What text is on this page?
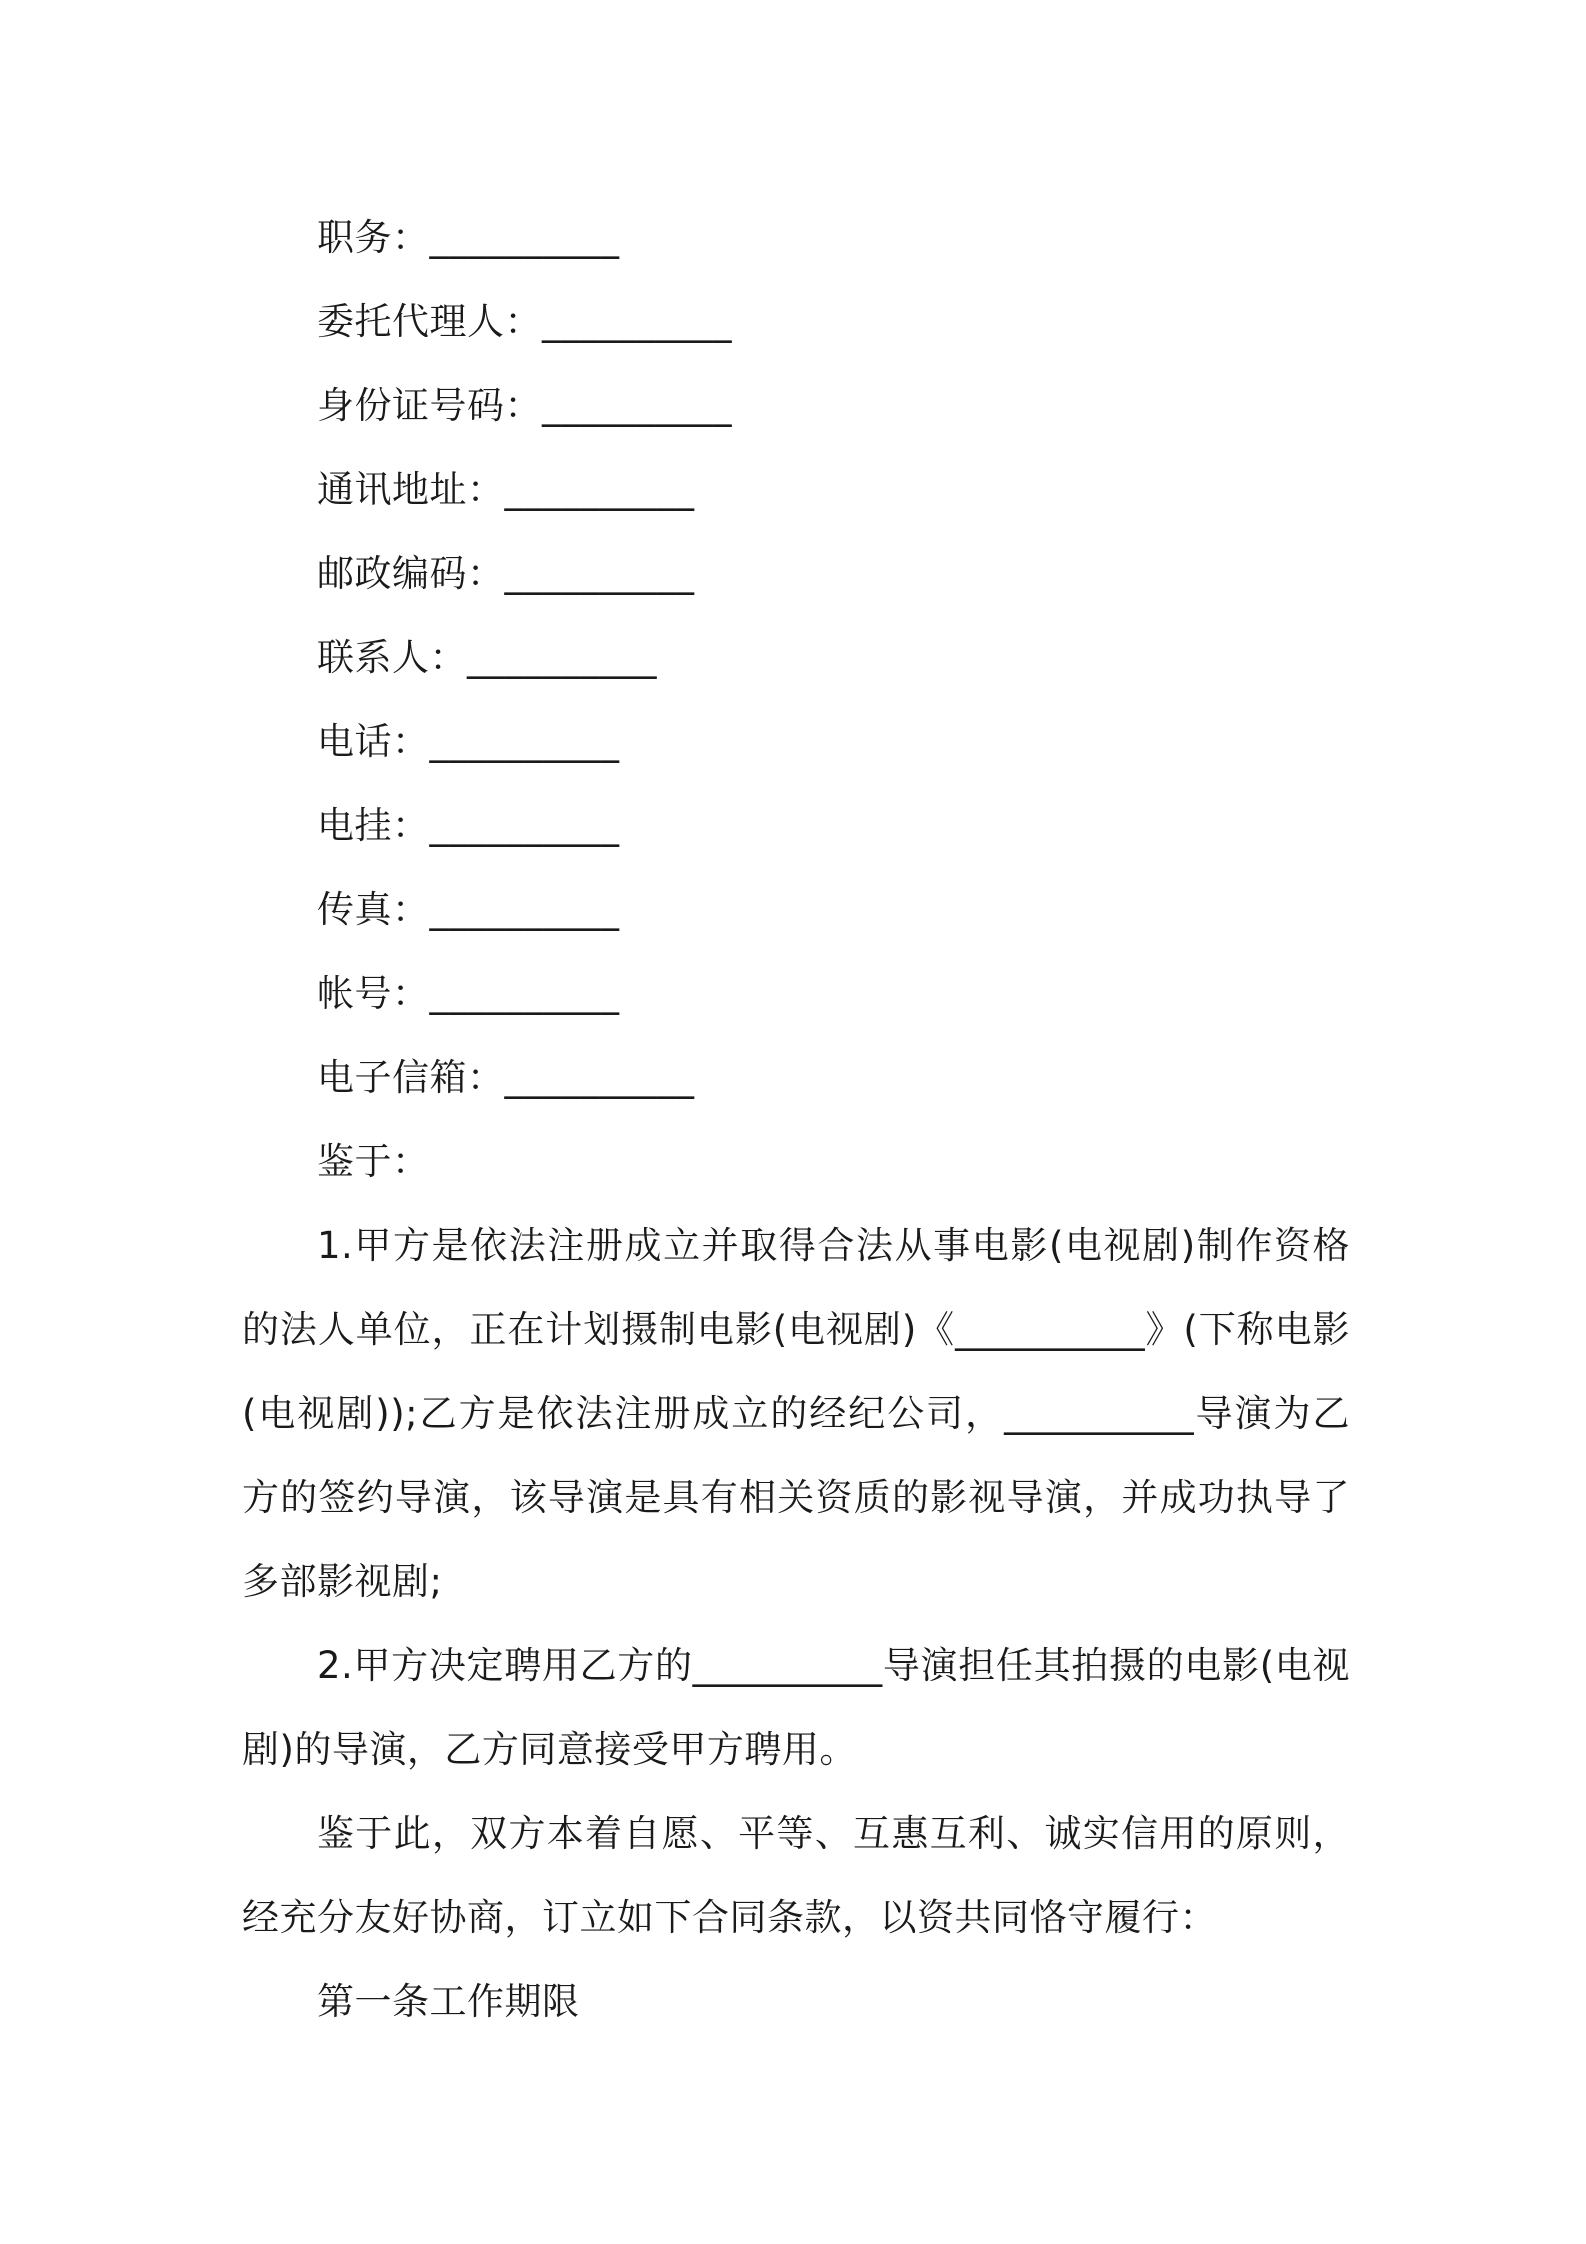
职务：__________

委托代理人：__________

身份证号码：__________

通讯地址：__________

邮政编码：__________

联系人：__________

电话：__________

电挂：__________

传真：__________

帐号：__________

电子信箱：__________

鉴于：

1.甲方是依法注册成立并取得合法从事电影(电视剧)制作资格的法人单位，正在计划摄制电影(电视剧)《__________》(下称电影(电视剧));乙方是依法注册成立的经纪公司，__________导演为乙方的签约导演，该导演是具有相关资质的影视导演，并成功执导了多部影视剧;

2.甲方决定聘用乙方的__________导演担任其拍摄的电影(电视剧)的导演，乙方同意接受甲方聘用。

鉴于此，双方本着自愿、平等、互惠互利、诚实信用的原则，经充分友好协商，订立如下合同条款，以资共同恪守履行：

第一条工作期限
